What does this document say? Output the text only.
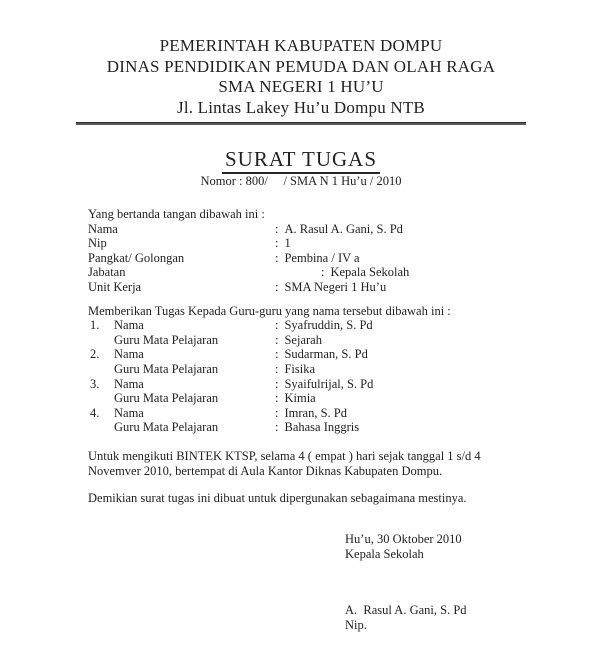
PEMERINTAH KABUPATEN DOMPU
DINAS PENDIDIKAN PEMUDA DAN OLAH RAGA
SMA NEGERI 1 HU’U
Jl. Lintas Lakey Hu’u Dompu NTB
SURAT TUGAS
Nomor : 800/     / SMA N 1 Hu’u / 2010

Yang bertanda tangan dibawah ini :

Nama	: A. Rasul A. Gani, S. Pd
Nip	: 1
Pangkat/ Golongan	: Pembina / IV a
Jabatan	: Kepala Sekolah
Unit Kerja	: SMA Negeri 1 Hu’u

Memberikan Tugas Kepada Guru-guru yang nama tersebut dibawah ini :

1.	Nama	: Syafruddin, S. Pd
Guru Mata Pelajaran	: Sejarah
2.	Nama	: Sudarman, S. Pd
Guru Mata Pelajaran	: Fisika
3.	Nama	: Syaifulrijal, S. Pd
Guru Mata Pelajaran	: Kimia
4.	Nama	: Imran, S. Pd
Guru Mata Pelajaran	: Bahasa Inggris

Untuk mengikuti BINTEK KTSP, selama 4 ( empat ) hari sejak tanggal 1 s/d 4
Novemver 2010, bertempat di Aula Kantor Diknas Kabupaten Dompu.

Demikian surat tugas ini dibuat untuk dipergunakan sebagaimana mestinya.

Hu’u, 30 Oktober 2010
Kepala Sekolah
A.  Rasul A. Gani, S. Pd
Nip.
